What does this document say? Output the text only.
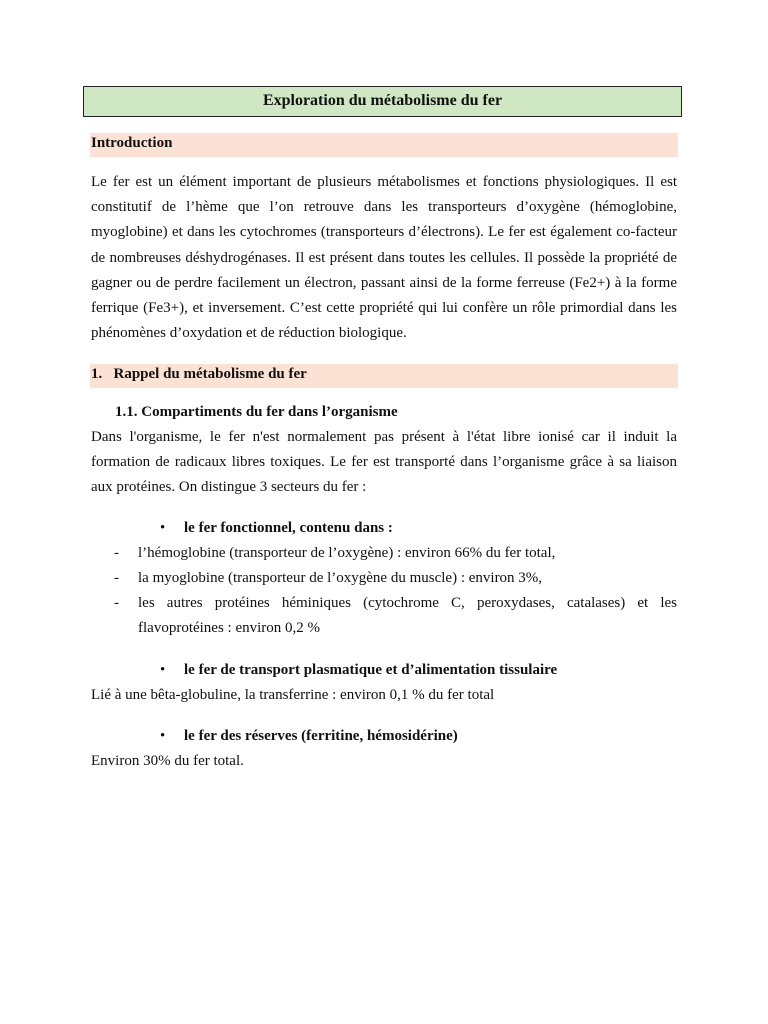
Exploration du métabolisme du fer
Introduction

Le fer est un élément important de plusieurs métabolismes et fonctions physiologiques. Il est constitutif de l’hème que l’on retrouve dans les transporteurs d’oxygène (hémoglobine, myoglobine) et dans les cytochromes (transporteurs d’électrons). Le fer est également co-facteur de nombreuses déshydrogénases. Il est présent dans toutes les cellules. Il possède la propriété de gagner ou de perdre facilement un électron, passant ainsi de la forme ferreuse (Fe2+) à la forme ferrique (Fe3+), et inversement. C’est cette propriété qui lui confère un rôle primordial dans les phénomènes d’oxydation et de réduction biologique.

1.   Rappel du métabolisme du fer
1.1. Compartiments du fer dans l’organisme

Dans l'organisme, le fer n'est normalement pas présent à l'état libre ionisé car il induit la formation de radicaux libres toxiques. Le fer est transporté dans l’organisme grâce à sa liaison aux protéines. On distingue 3 secteurs du fer :

• le fer fonctionnel, contenu dans :
- l’hémoglobine (transporteur de l’oxygène) : environ 66% du fer total,
- la myoglobine (transporteur de l’oxygène du muscle) : environ 3%,
- les autres protéines héminiques (cytochrome C, peroxydases, catalases) et les flavoprotéines : environ 0,2 %
• le fer de transport plasmatique et d’alimentation tissulaire

Lié à une bêta-globuline, la transferrine : environ 0,1 % du fer total

• le fer des réserves (ferritine, hémosidérine)

Environ 30% du fer total.
